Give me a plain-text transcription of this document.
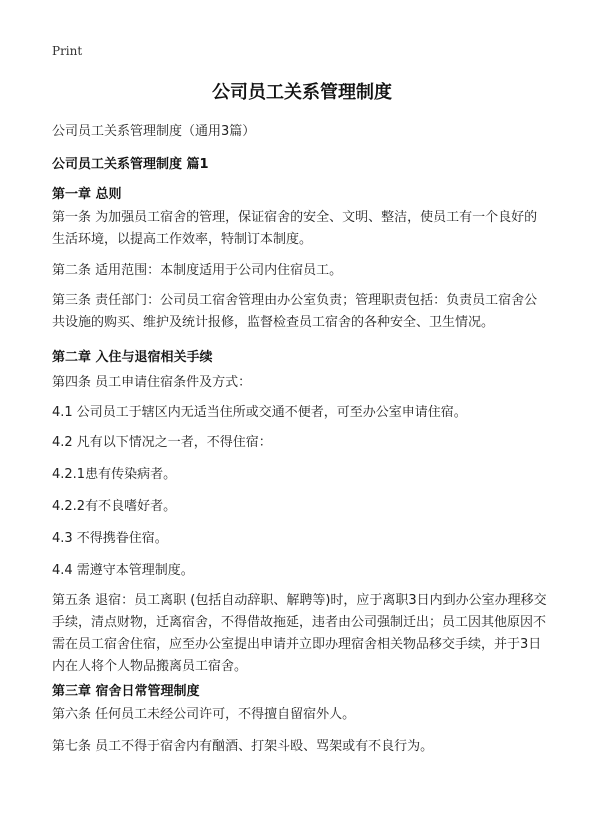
Print
公司员工关系管理制度
公司员工关系管理制度（通用3篇）
公司员工关系管理制度 篇1
第一章 总则

第一条 为加强员工宿舍的管理，保证宿舍的安全、文明、整洁，使员工有一个良好的生活环境，以提高工作效率，特制订本制度。

第二条 适用范围：本制度适用于公司内住宿员工。

第三条 责任部门：公司员工宿舍管理由办公室负责；管理职责包括：负责员工宿舍公共设施的购买、维护及统计报修，监督检查员工宿舍的各种安全、卫生情况。

第二章 入住与退宿相关手续

第四条 员工申请住宿条件及方式：

4.1 公司员工于辖区内无适当住所或交通不便者，可至办公室申请住宿。

4.2 凡有以下情况之一者，不得住宿：

4.2.1患有传染病者。

4.2.2有不良嗜好者。

4.3 不得携眷住宿。

4.4 需遵守本管理制度。

第五条 退宿：员工离职 (包括自动辞职、解聘等)时，应于离职3日内到办公室办理移交手续，清点财物，迁离宿舍，不得借故拖延，违者由公司强制迁出；员工因其他原因不需在员工宿舍住宿，应至办公室提出申请并立即办理宿舍相关物品移交手续，并于3日内在人将个人物品搬离员工宿舍。

第三章 宿舍日常管理制度

第六条 任何员工未经公司许可，不得擅自留宿外人。

第七条 员工不得于宿舍内有酗酒、打架斗殴、骂架或有不良行为。
